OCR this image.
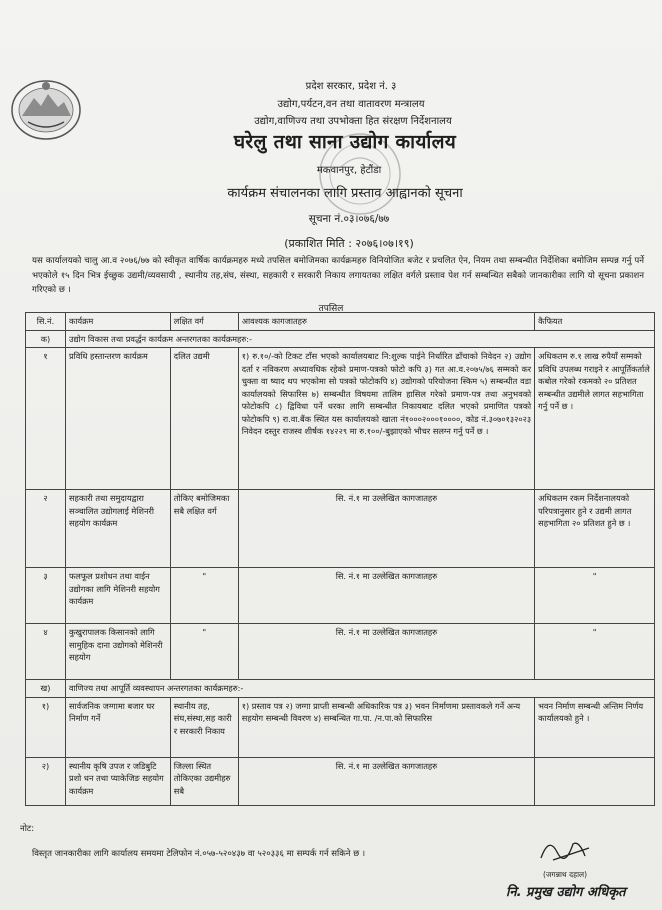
प्रदेश सरकार, प्रदेश नं. ३
उद्योग,पर्यटन,वन तथा वातावरण मन्त्रालय
उद्योग,वाणिज्य तथा उपभोक्ता हित संरक्षण निर्देशनालय
घरेलु तथा साना उद्योग कार्यालय
मकवानपुर, हेटौंडा
कार्यक्रम संचालनका लागि प्रस्ताव आह्वानको सूचना
सूचना नं.०३।०७६/७७
(प्रकाशित मिति : २०७६।०७।१९)
यस कार्यालयको चालु आ.व २०७६/७७ को स्वीकृत वार्षिक कार्यक्रमहरु मध्ये तपसिल बमोजिमका कार्यक्रमहरु विनियोजित बजेट र प्रचलित ऐन, नियम तथा सम्बन्धीत निर्देशिका बमोजिम सम्पन्न गर्नु पर्ने भएकोले १५ दिन भित्र ईच्छुक उद्यमी/व्यवसायी , स्थानीय तह,संघ, संस्था, सहकारी र सरकारी निकाय लगायतका लक्षित वर्गले प्रस्ताव पेश गर्न सम्बन्धित सबैको जानकारीका लागि यो सूचना प्रकाशन गरिएको छ ।
तपसिल
सि.नं.	कार्यक्रम	लक्षित वर्ग	आवश्यक कागजातहरु	कैफियत
क)	उद्योग विकास तथा प्रवर्द्धन कार्यक्रम अन्तरगतका कार्यक्रमहरु:-			
१	प्रविधि हस्तान्तरण कार्यक्रम	दलित उद्यमी	१) रु.१०/-को टिकट टाँस भएको कार्यालयबाट नि:शुल्क पाईने निर्धारित ढाँचाको निवेदन २) उद्योग दर्ता र नविकरण अध्यावधिक रहेको प्रमाण-पत्रको फोटो कपि ३) गत आ.व.२०७५/७६ सम्मको कर चुक्ता वा ष्याद थप भएकोमा सो पत्रको फोटोकपि ४) उद्योगको परियोजना स्किम ५) सम्बन्धीत वडा कार्यालयको सिफारिस ७) सम्बन्धीत विषयमा तालिम हासिल गरेको प्रमाण-पत्र तथा अनुभवको फोटोकपि ८) द्विविधा पर्ने धरका लागि सम्बन्धीत निकायबाट दलित भएको प्रमाणित पत्रको फोटोकपि ९) रा.वा.बैंक स्थित यस कार्यालयको खाता नं१०००२०००१००००, कोड नं.३०७०१३२०२३ निवेदन दस्तुर राजस्व शीर्षक १४२२९ मा रु.१००/-बुझाएको भौचर सलग्न गर्नु पर्ने छ ।	अधिकतम रु.१ लाख रुपैयाँ सम्मको प्रविधि उपलब्ध गराइने र आपूर्तिकर्ताले कबोल गरेको रकमको २० प्रतिशत सम्बन्धीत उद्यमीले लागत सहभागिता गर्नु पर्ने छ ।
२	सहकारी तथा समुदायद्वारा सञ्चालित उद्योगलाई मेशिनरी सहयोग कार्यक्रम	तोकिए बमोजिमका सबै लक्षित वर्ग	सि. नं.१ मा उल्लेखित कागजातहरु	अधिकतम रकम निर्देशनालयको परिपत्रानुसार हुने र उद्यमी लागत सहभागिता २० प्रतिशत हुने छ ।
३	फलफूल प्रशोधन तथा वाईन उद्योगका लागि मेशिनरी सहयोग कार्यक्रम	"	सि. नं.१ मा उल्लेखित कागजातहरु	"
४	कुखुरापालक किसानको लागि सामुहिक दाना उद्योगको मेशिनरी सहयोग	"	सि. नं.१ मा उल्लेखित कागजातहरु	"
ख)	वाणिज्य तथा आपूर्ति व्यवस्थापन अन्तरगतका कार्यक्रमहरु:-			
१)	सार्वजनिक जग्गामा बजार घर निर्माण गर्ने	स्थानीय तह, संघ,संस्था,सह कारी र सरकारी निकाय	१) प्रस्ताव पत्र २) जग्गा प्राप्ती सम्बन्धी अधिकारिक पत्र ३) भवन निर्माणमा प्रस्तावकले गर्ने अन्य सहयोग सम्बन्धी विवरण ४) सम्बन्धित गा.पा. /न.पा.को सिफारिस	भवन निर्माण सम्बन्धी अन्तिम निर्णय कार्यालयको हुने ।
२)	स्थानीय कृषि उपज र जडिबुटि प्रशो धन तथा प्याकेजिङ सहयोग कार्यक्रम	जिल्ला स्थित तोकिएका उद्यमीहरु सबै	सि. नं.१ मा उल्लेखित कागजातहरु	
नोट:
विस्तृत जानकारीका लागि कार्यालय समयमा टेलिफोन नं.०५७-५२०४३७ वा ५२०३३६ मा सम्पर्क गर्न सकिने छ ।
(जगन्नाथ दहाल)
नि. प्रमुख उद्योग अधिकृत
